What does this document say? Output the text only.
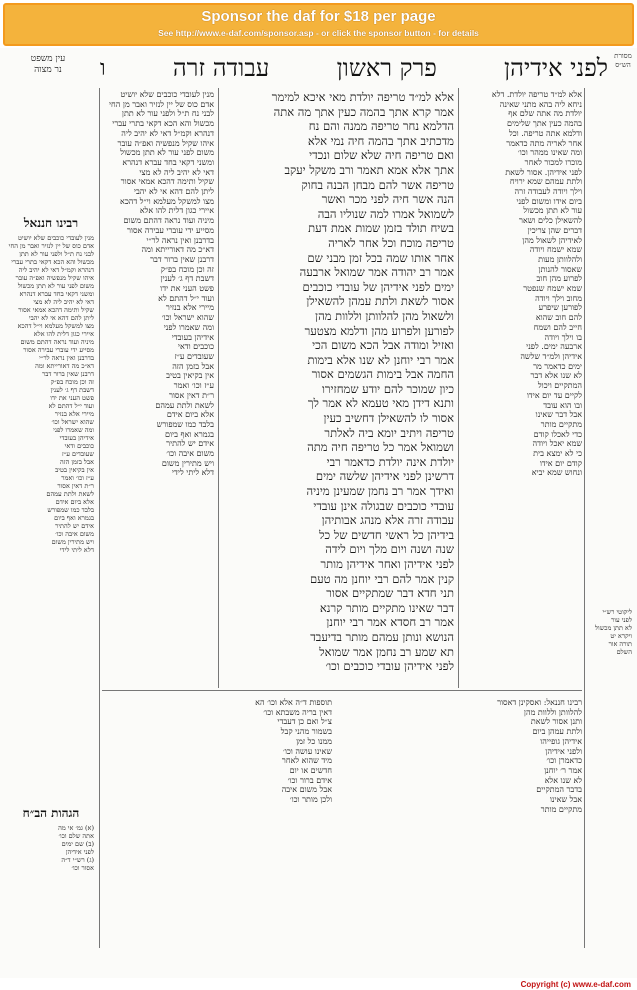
Sponsor the daf for $18 per page
See http://www.e-daf.com/sponsor.asp - or click the sponsor button - for details
לפני אידיהן
פרק ראשון
עבודה זרה
ו
עין משפט
נר מצוה
מסורת
הש״ס
מנין לעובדי כוכבים שלא יושיט
אדם כוס של יין לנזיר ואבר מן החי
לבני נח ת״ל ולפני עור לא תתן
מכשול והא הכא דקאי בתרי עברי
דנהרא וקמ״ל דאי לא יהיב ליה
איהו שקיל מנפשיה ואפ״ה עובר
משום לפני עור לא תתן מכשול
ומשני דקאי בחד עברא דנהרא
דאי לא יהיב ליה לא מצי
שקיל ותימה דהכא אמאי אסור
ליתן להם דהא אי לא יהבי
מצו למשקל מעלמא וי״ל דהכא
איירי כגון דלית להו אלא
מיניה ועוד נראה דהתם משום
מסייע ידי עוברי עבירה אסור
בדרבנן ואין נראה לר״י
דא״כ מה דאורייתא ומה
דרבנן שאין ברור דבר
זה וכן מוכח בפ״ק
דשבת דף ג׳ לענין
פשט העני את ידו
ועוד י״ל דהתם לא
מיירי אלא בנזיר
שהוא ישראל וכו׳
ומה שאמרו לפני
אידיהן בעובדי
כוכבים ודאי
שעובדים ע״ז
אבל בזמן הזה
אין בקיאין בטיב
ע״ז וכו׳ ואמר
ר״ת דאין אסור
לשאת ולתת עמהם
אלא ביום אידם
בלבד כמו שמפורש
בגמרא ואף ביום
אידם יש להתיר
משום איבה וכו׳
ויש מתירין משום
דלא ליתי לידי
רבינו חננאל
מנין לעובדי כוכבים שלא יושיט
אדם כוס של יין לנזיר ואבר מן החי
לבני נח ת״ל ולפני עור לא תתן
מכשול והא הכא דקאי בתרי עברי
דנהרא וקמ״ל דאי לא יהיב ליה
איהו שקיל מנפשיה ואפ״ה עובר
משום לפני עור לא תתן מכשול
ומשני דקאי בחד עברא דנהרא
דאי לא יהיב ליה לא מצי
שקיל ותימה דהכא אמאי אסור
ליתן להם דהא אי לא יהבי
מצו למשקל מעלמא וי״ל דהכא
איירי כגון דלית להו אלא
מיניה ועוד נראה דהתם משום
מסייע ידי עוברי עבירה אסור
בדרבנן ואין נראה לר״י
דא״כ מה דאורייתא ומה
דרבנן שאין ברור דבר
זה וכן מוכח בפ״ק
דשבת דף ג׳ לענין
פשט העני את ידו
ועוד י״ל דהתם לא
מיירי אלא בנזיר
שהוא ישראל וכו׳
ומה שאמרו לפני
אידיהן בעובדי
כוכבים ודאי
שעובדים ע״ז
אבל בזמן הזה
אין בקיאין בטיב
ע״ז וכו׳ ואמר
ר״ת דאין אסור
לשאת ולתת עמהם
אלא ביום אידם
בלבד כמו שמפורש
בגמרא ואף ביום
אידם יש להתיר
משום איבה וכו׳
ויש מתירין משום
דלא ליתי לידי
אלא למ״ד טריפה יולדת מאי איכא למימר
אמר קרא אתך בהמה כעין אתך מה אתה
הדלמא נחר טריפה ממנה והם נח
מדכתיב אתך בהמה חיה נמי אלא
ואם טריפה חיה שלא שלום ונכדי
אתך אלא אמא תאמר ורב משקל יעקב
טריפה אשר להם מבחן הבנה בחוק
הנה אשר חיה לפני מכר ואשר
לשמואל אמרו למה שנוליו הבה
בשיח תולד בזמן שמות אמת דעת
טריפה מוכח וכל אחר לאריה
אחר אותו שמה בכל זמן מבני שם
אמר רב יהודה אמר שמואל ארבעה
ימים לפני אידיהן של עובדי כוכבים
אסור לשאת ולתת עמהן להשאילן
ולשאול מהן להלוותן וללוות מהן
לפורען ולפרוע מהן ודלמא מצטער
ואזיל ומודה אבל הכא משום הכי
אמר רבי יוחנן לא שנו אלא בימות
החמה אבל בימות הגשמים אסור
כיון שמוכר להם יודע שמחזירו
ותנא דידן מאי טעמא לא אמר לך
אסור לו להשאילן דחשיב כעין
טריפה ויתיב יומא ביה לאלתר
ושמואל אמר כל טריפה חיה מתה
יולדת אינה יולדת כדאמר רבי
דרשינן לפני אידיהן שלשה ימים
ואידך אמר רב נחמן שמעינן מיניה
עובדי כוכבים שבגולה אינן עובדי
עבודה זרה אלא מנהג אבותיהן
בידיהן כל ראשי חדשים של כל
שנה ושנה ויום מלך ויום לידה
לפני אידיהן ואחר אידיהן מותר
קנין אמר להם רבי יוחנן מה טעם
תני חדא דבר שמתקיים אסור
דבר שאינו מתקיים מותר קרנא
אמר רב חסדא אמר רבי יוחנן
הנושא ונותן עמהם מותר בדיעבד
תא שמע רב נחמן אמר שמואל
לפני אידיהן עובדי כוכבים וכו׳
אלא למ״ד טריפה יולדת. דלא
ניחא ליה בהא מתני שאינה
יולדת מה אתה שלם אף
בהמה כעין אתך שלימים
ודלמא אתה טריפה. וכל
אחר לאריה מתה כדאמר
ומה שאינו ממהר וכו׳
מוכרו למכור לאחר
לפני אידיהן. אסור לשאת
ולתת עמהם שמא ירויח
וילך ויודה לעבודה זרה
ביום אידו ומשום לפני
עור לא תתן מכשול
להשאילן כלים ושאר
דברים שהן צריכין
לאידיהן לשאול מהן
שמא ישמח ויודה
ולהלוותן מעות
שאסור להנותן
לפרוע מהן חוב
שמא ישמח שנפטר
מחוב וילך ויודה
לפורען שיפרע
להם חוב שהוא
חייב להם ושמח
בו וילך ויודה
ארבעה ימים. לפני
אידיהן ולמ״ד שלשה
ימים כדאמר מר
לא שנו אלא דבר
המתקיים ויכול
לקיים עד יום אידו
ובו הוא עובד
אבל דבר שאינו
מתקיים מותר
כדי לאכלו קודם
שמא יאכל ויודה
כי לא ימצא בית
קודם יום אידו
ונחוש שמא יביא
ליקוטי רש״י
לפני עור
לא תתן מכשול
ויקרא יט
תורה אור
השלם
תוספות ד״ה אלא וכו׳ הא
דאין בריה משבתא וכו׳
צ״ל ואם כן דעבדי
בשמור מהני קבל
ממנו כל זמן
שאינו עושה וכו׳
מיד שהוא לאחר
חדשים או יום
אידם ברור וכו׳
אבל משום איבה
ולכן מותר וכו׳
רבינו חננאל: ואסקינן דאסור
להלוותן וללוות מהן
ותנן אסור לשאת
ולתת עמהן ביום
אידיהן גופייהו
ולפני אידיהן
כדאמרן וכו׳
אמר ר׳ יוחנן
לא שנו אלא
בדבר המתקיים
אבל שאינו
מתקיים מותר
הגהות הב״ח
(א) גמ׳ אי מה
אתה שלם וכו׳
(ב) שם ימים
לפני אידיהן
(ג) רש״י ד״ה
אסור וכו׳
Copyright (c) www.e-daf.com
